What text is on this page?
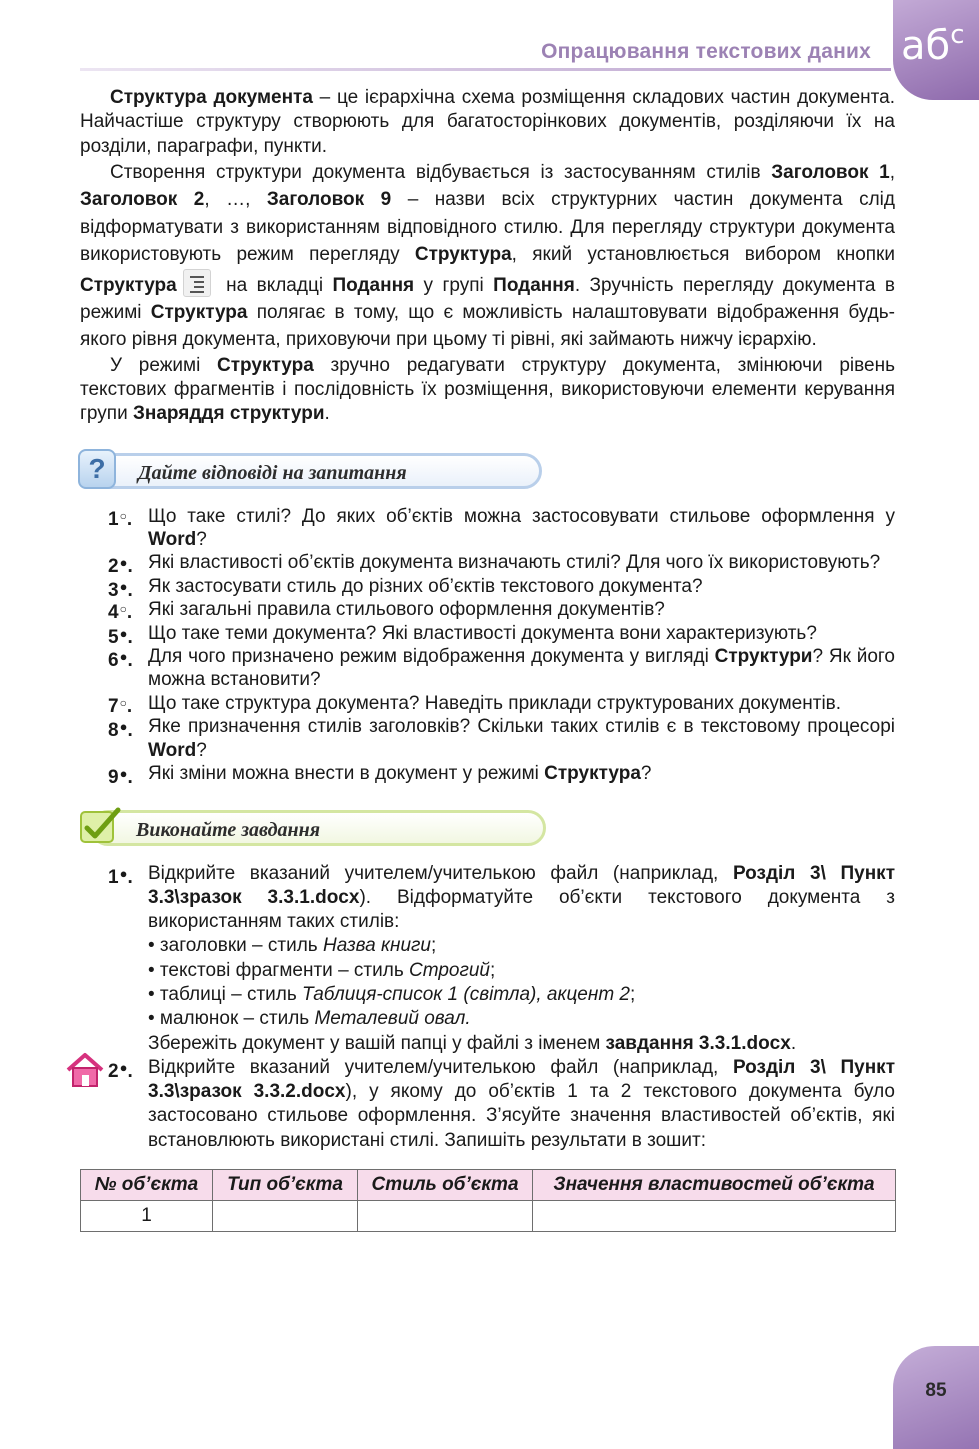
абс
Опрацювання текстових даних

Структура документа – це ієрархічна схема розміщення складових частин документа. Найчастіше структуру створюють для багатосторінкових документів, розділяючи їх на розділи, параграфи, пункти.

Створення структури документа відбувається із застосуванням стилів Заголовок 1, Заголовок 2, …, Заголовок 9 – назви всіх структурних частин документа слід відформатувати з використанням відповідного стилю. Для перегляду структури документа використовують режим перегляду Структура, який установлюється вибором кнопки Структура
на вкладці Подання у групі Подання. Зручність перегляду документа в режимі Структура полягає в тому, що є можливість налаштовувати відображення будь-якого рівня документа, приховуючи при цьому ті рівні, які займають нижчу ієрархію.

У режимі Структура зручно редагувати структуру документа, змінюючи рівень текстових фрагментів і послідовність їх розміщення, використовуючи елементи керування групи Знаряддя структури.

?	Дайте відповіді на запитання
1○. Що таке стилі? До яких об’єктів можна застосовувати стильове оформлення у Word?
2●. Які властивості об’єктів документа визначають стилі? Для чого їх використовують?
3●. Як застосувати стиль до різних об’єктів текстового документа?
4○. Які загальні правила стильового оформлення документів?
5●. Що таке теми документа? Які властивості документа вони характеризують?
6●. Для чого призначено режим відображення документа у вигляді Структури? Як його можна встановити?
7○. Що таке структура документа? Наведіть приклади структурованих документів.
8●. Яке призначення стилів заголовків? Скільки таких стилів є в текстовому процесорі Word?
9●. Які зміни можна внести в документ у режимі Структура?
Виконайте завдання
1●. Відкрийте вказаний учителем/учителькою файл (наприклад, Розділ 3\ Пункт 3.3\зразок 3.3.1.docx). Відформатуйте об’єкти текстового документа з використанням таких стилів:
• заголовки – стиль Назва книги;
• текстові фрагменти – стиль Строгий;
• таблиці – стиль Таблиця-список 1 (світла), акцент 2;
• малюнок – стиль Металевий овал.
Збережіть документ у вашій папці у файлі з іменем завдання 3.3.1.docx.
2●. Відкрийте вказаний учителем/учителькою файл (наприклад, Розділ 3\ Пункт 3.3\зразок 3.3.2.docx), у якому до об’єктів 1 та 2 текстового документа було застосовано стильове оформлення. З’ясуйте значення властивостей об’єктів, які встановлюють використані стилі. Запишіть результати в зошит:
№ об’єкта	Тип об’єкта	Стиль об’єкта	Значення властивостей об’єкта
1			
85
